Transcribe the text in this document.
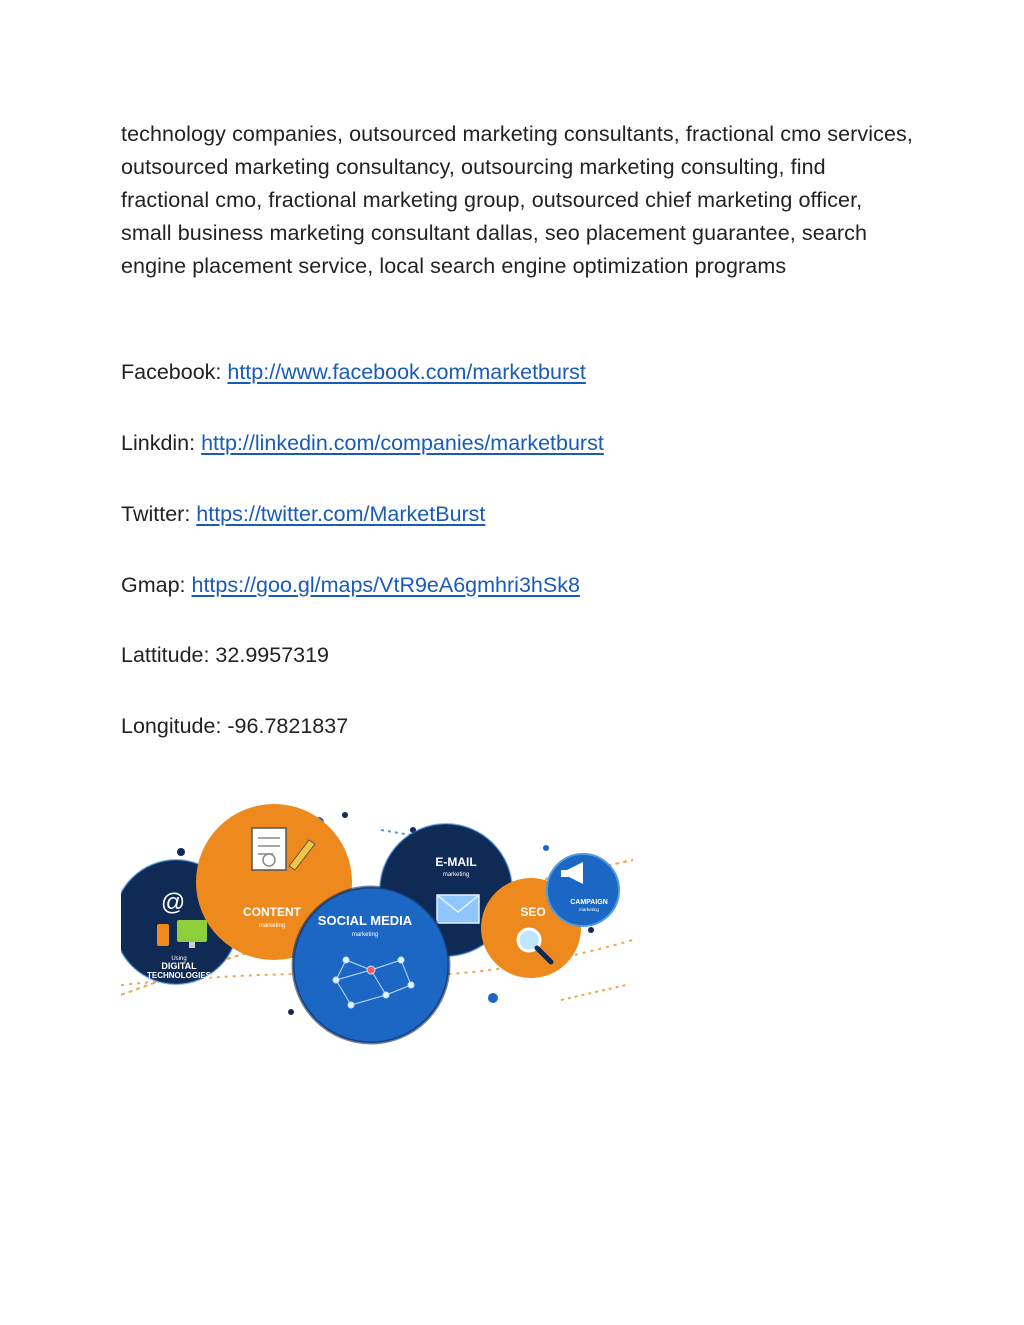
technology companies, outsourced marketing consultants, fractional cmo services, outsourced marketing consultancy, outsourcing marketing consulting, find fractional cmo, fractional marketing group, outsourced chief marketing officer, small business marketing consultant dallas, seo placement guarantee, search engine placement service, local search engine optimization programs

Facebook: http://www.facebook.com/marketburst
Linkdin: http://linkedin.com/companies/marketburst
Twitter: https://twitter.com/MarketBurst
Gmap: https://goo.gl/maps/VtR9eA6gmhri3hSk8
Lattitude: 32.9957319
Longitude: -96.7821837
@
Using
DIGITAL
TECHNOLOGIES
CONTENT
marketing
E-MAIL
marketing
SOCIAL MEDIA
marketing
SEO
CAMPAIGN
marketing
